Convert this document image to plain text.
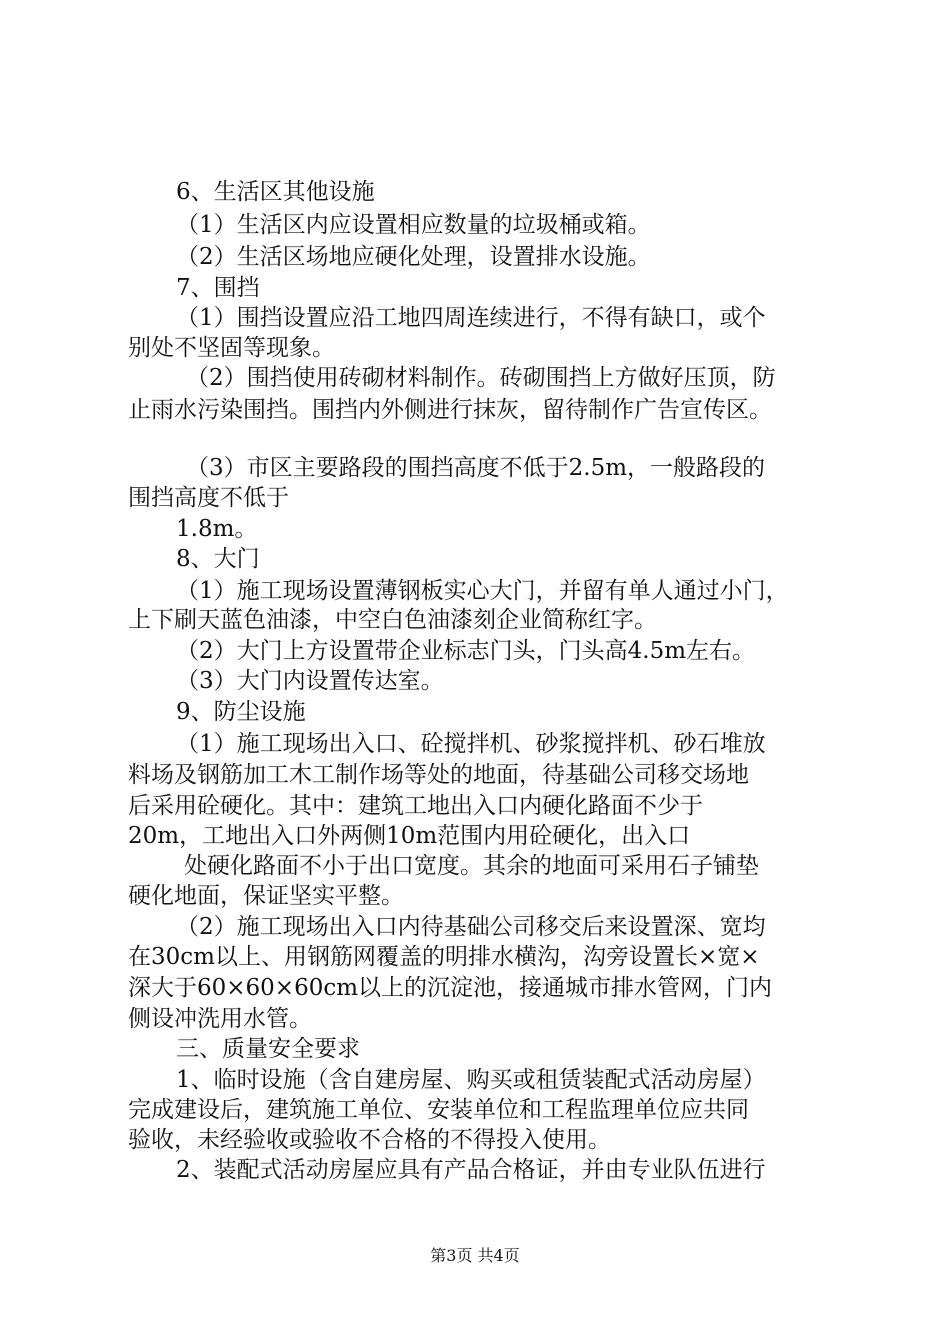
6、生活区其他设施
（1）生活区内应设置相应数量的垃圾桶或箱。
（2）生活区场地应硬化处理，设置排水设施。
7、围挡
（1）围挡设置应沿工地四周连续进行，不得有缺口，或个
别处不坚固等现象。
（2）围挡使用砖砌材料制作。砖砌围挡上方做好压顶，防
止雨水污染围挡。围挡内外侧进行抹灰，留待制作广告宣传区。
（3）市区主要路段的围挡高度不低于2.5m，一般路段的
围挡高度不低于
1.8m。
8、大门
（1）施工现场设置薄钢板实心大门，并留有单人通过小门，
上下刷天蓝色油漆，中空白色油漆刻企业简称红字。
（2）大门上方设置带企业标志门头，门头高4.5m左右。
（3）大门内设置传达室。
9、防尘设施
（1）施工现场出入口、砼搅拌机、砂浆搅拌机、砂石堆放
料场及钢筋加工木工制作场等处的地面，待基础公司移交场地
后采用砼硬化。其中：建筑工地出入口内硬化路面不少于
20m，工地出入口外两侧10m范围内用砼硬化，出入口
处硬化路面不小于出口宽度。其余的地面可采用石子铺垫
硬化地面，保证坚实平整。
（2）施工现场出入口内待基础公司移交后来设置深、宽均
在30cm以上、用钢筋网覆盖的明排水横沟，沟旁设置长×宽×
深大于60×60×60cm以上的沉淀池，接通城市排水管网，门内
侧设冲洗用水管。
三、质量安全要求
1、临时设施（含自建房屋、购买或租赁装配式活动房屋）
完成建设后，建筑施工单位、安装单位和工程监理单位应共同
验收，未经验收或验收不合格的不得投入使用。
2、装配式活动房屋应具有产品合格证，并由专业队伍进行
第3页 共4页
